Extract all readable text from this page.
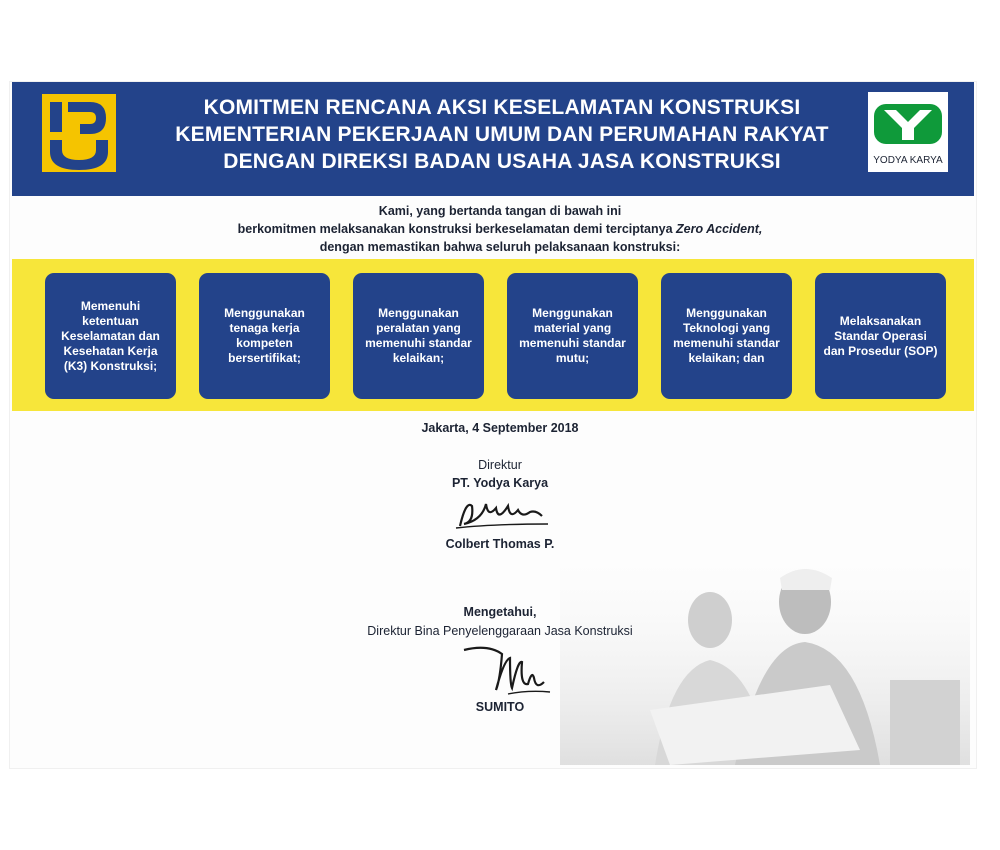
KOMITMEN RENCANA AKSI KESELAMATAN KONSTRUKSI
KEMENTERIAN PEKERJAAN UMUM DAN PERUMAHAN RAKYAT
DENGAN DIREKSI BADAN USAHA JASA KONSTRUKSI	YODYA KARYA
Kami, yang bertanda tangan di bawah ini
berkomitmen melaksanakan konstruksi berkeselamatan demi terciptanya Zero Accident,
dengan memastikan bahwa seluruh pelaksanaan konstruksi:
Memenuhi ketentuan Keselamatan dan Kesehatan Kerja (K3) Konstruksi;
Menggunakan tenaga kerja kompeten bersertifikat;
Menggunakan peralatan yang memenuhi standar kelaikan;
Menggunakan material yang memenuhi standar mutu;
Menggunakan Teknologi yang memenuhi standar kelaikan; dan
Melaksanakan Standar Operasi dan Prosedur (SOP)
Jakarta, 4 September 2018
Direktur
PT. Yodya Karya
Colbert Thomas P.
Mengetahui,
Direktur Bina Penyelenggaraan Jasa Konstruksi
SUMITO
